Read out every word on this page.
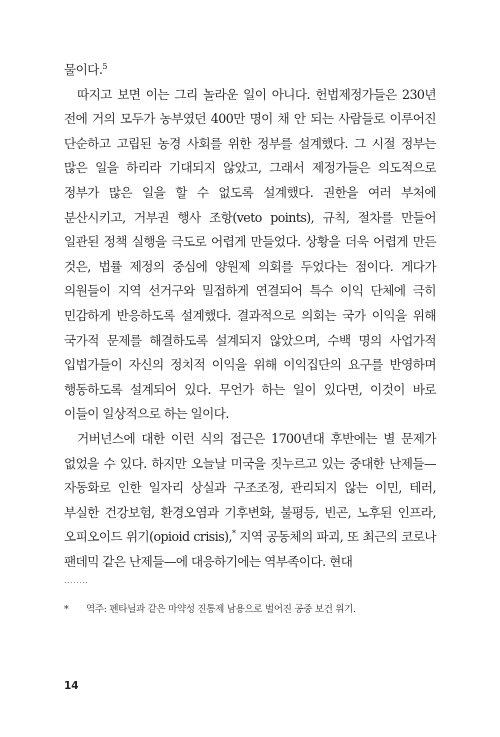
물이다.$^5$

따지고 보면 이는 그리 놀라운 일이 아니다. 헌법제정가들은 230년 전에 거의 모두가 농부였던 400만 명이 채 안 되는 사람들로 이루어진 단순하고 고립된 농경 사회를 위한 정부를 설계했다. 그 시절 정부는 많은 일을 하리라 기대되지 않았고, 그래서 제정가들은 의도적으로 정부가 많은 일을 할 수 없도록 설계했다. 권한을 여러 부처에 분산시키고, 거부권 행사 조항(veto points), 규칙, 절차를 만들어 일관된 정책 실행을 극도로 어렵게 만들었다. 상황을 더욱 어렵게 만든 것은, 법률 제정의 중심에 양원제 의회를 두었다는 점이다. 게다가 의원들이 지역 선거구와 밀접하게 연결되어 특수 이익 단체에 극히 민감하게 반응하도록 설계했다. 결과적으로 의회는 국가 이익을 위해 국가적 문제를 해결하도록 설계되지 않았으며, 수백 명의 사업가적 입법가들이 자신의 정치적 이익을 위해 이익집단의 요구를 반영하며 행동하도록 설계되어 있다. 무언가 하는 일이 있다면, 이것이 바로 이들이 일상적으로 하는 일이다.

거버넌스에 대한 이런 식의 접근은 1700년대 후반에는 별 문제가 없었을 수 있다. 하지만 오늘날 미국을 짓누르고 있는 중대한 난제들—자동화로 인한 일자리 상실과 구조조정, 관리되지 않는 이민, 테러, 부실한 건강보험, 환경오염과 기후변화, 불평등, 빈곤, 노후된 인프라, 오피오이드 위기(opioid crisis),* 지역 공동체의 파괴, 또 최근의 코로나 팬데믹 같은 난제들—에 대응하기에는 역부족이다. 현대

........
* 역주: 펜타닐과 같은 마약성 진통제 남용으로 벌어진 공중 보건 위기.
14
